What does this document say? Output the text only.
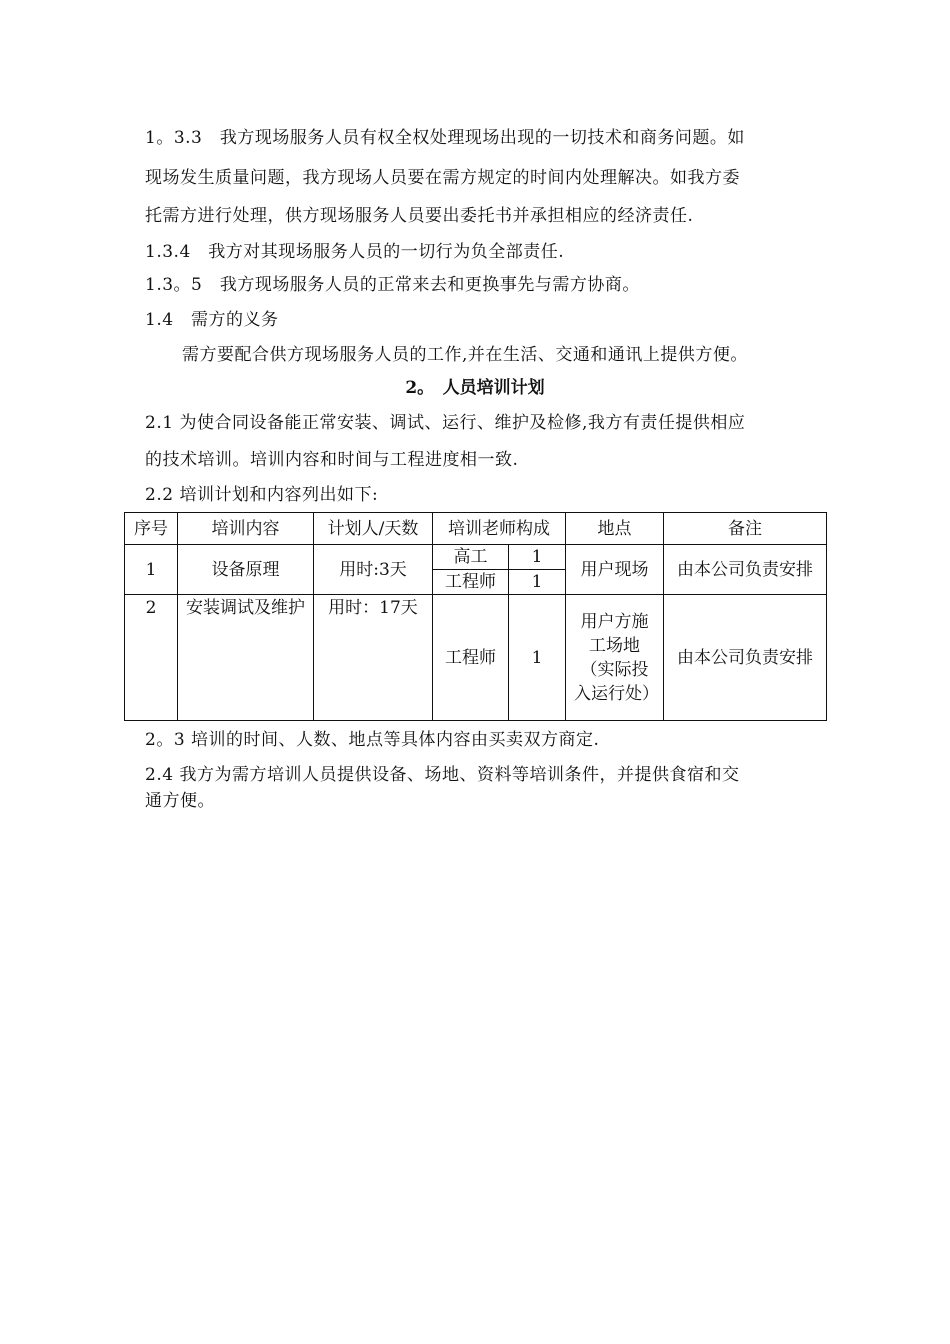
1。3.3　我方现场服务人员有权全权处理现场出现的一切技术和商务问题。如
现场发生质量问题，我方现场人员要在需方规定的时间内处理解决。如我方委
托需方进行处理，供方现场服务人员要出委托书并承担相应的经济责任.
1.3.4　我方对其现场服务人员的一切行为负全部责任.
1.3。5　我方现场服务人员的正常来去和更换事先与需方协商。
1.4　需方的义务
需方要配合供方现场服务人员的工作,并在生活、交通和通讯上提供方便。
2。　人员培训计划
2.1 为使合同设备能正常安装、调试、运行、维护及检修,我方有责任提供相应
的技术培训。培训内容和时间与工程进度相一致.
2.2 培训计划和内容列出如下:
序号	培训内容	计划人/天数	培训老师构成		地点	备注
1	设备原理	用时:3天	高工	1	用户现场	由本公司负责安排
			工程师	1		
2	安装调试及维护	用时：17天	工程师	1	用户方施工场地（实际投入运行处）	由本公司负责安排
2。3 培训的时间、人数、地点等具体内容由买卖双方商定.
2.4 我方为需方培训人员提供设备、场地、资料等培训条件，并提供食宿和交
通方便。
